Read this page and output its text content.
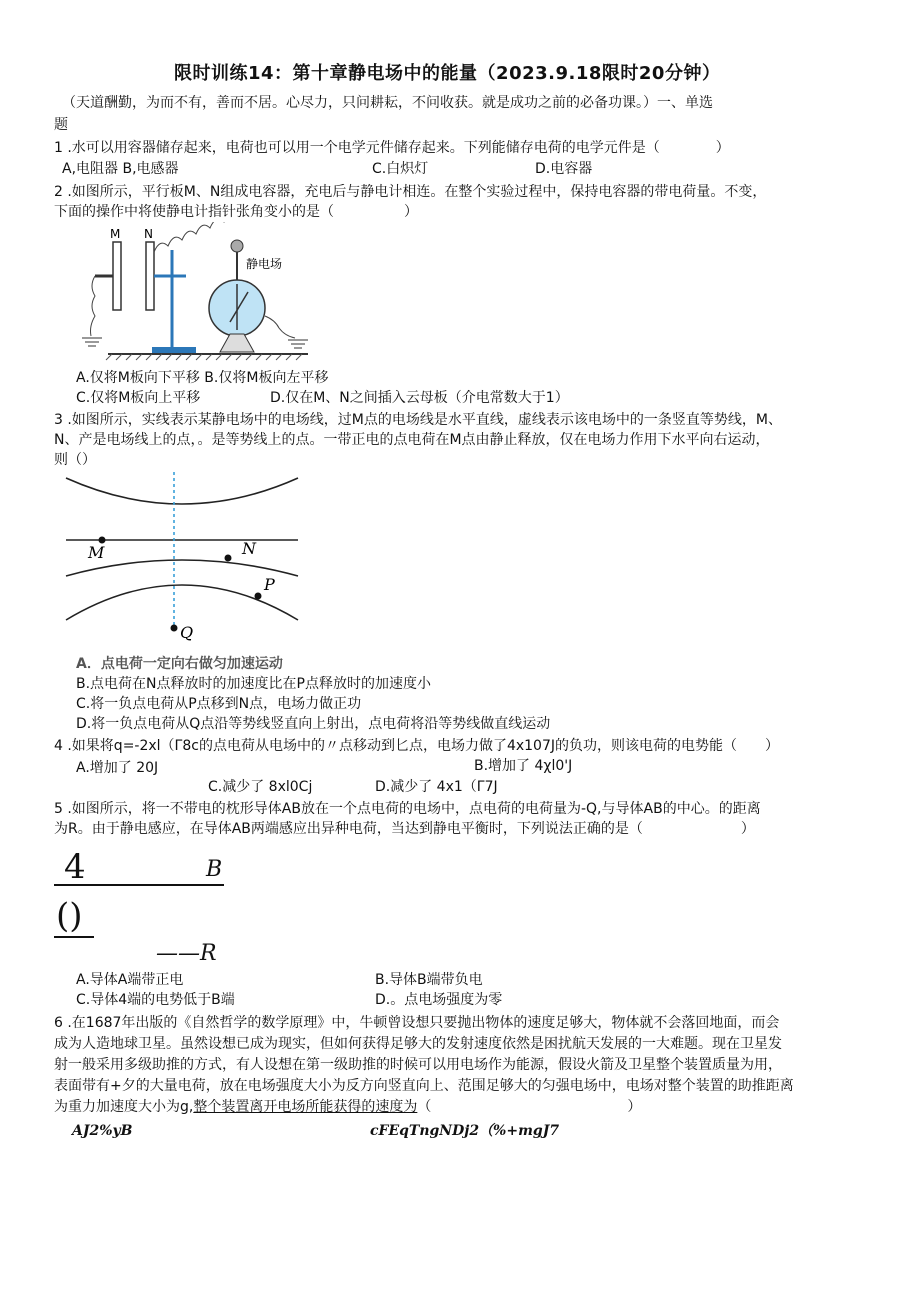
限时训练14：第十章静电场中的能量（2023.9.18限时20分钟）
（天道酬勤，为而不有，善而不居。心尽力，只问耕耘，不问收获。就是成功之前的必备功课。）一、单选
题
1 .水可以用容器储存起来，电荷也可以用一个电学元件储存起来。下列能储存电荷的电学元件是（　　　　）
A,电阻器 B,电感器	C.白炽灯	D.电容器
2 .如图所示，平行板M、N组成电容器，充电后与静电计相连。在整个实验过程中，保持电容器的带电荷量。不变，
下面的操作中将使静电计指针张角变小的是（　　　　　）
M N
静电场
A.仅将M板向下平移 B.仅将M板向左平移
C.仅将M板向上平移	D.仅在M、N之间插入云母板（介电常数大于1）
3 .如图所示，实线表示某静电场中的电场线，过M点的电场线是水平直线，虚线表示该电场中的一条竖直等势线，M、
N、产是电场线上的点，。是等势线上的点。一带正电的点电荷在M点由静止释放，仅在电场力作用下水平向右运动，
则（）
M	N
P
Q
A．点电荷一定向右做匀加速运动
B.点电荷在N点释放时的加速度比在P点释放时的加速度小
C.将一负点电荷从P点移到N点，电场力做正功
D.将一负点电荷从Q点沿等势线竖直向上射出，点电荷将沿等势线做直线运动
4 .如果将q=-2xl（Γ8c的点电荷从电场中的〃点移动到匕点，电场力做了4x107J的负功，则该电荷的电势能（　　）
A.增加了 20J	B.增加了 4χl0'J
C.减少了 8xl0Cj	D.减少了 4x1（Γ7J
5 .如图所示，将一不带电的枕形导体AB放在一个点电荷的电场中，点电荷的电荷量为-Q,与导体AB的中心。的距离
为R。由于静电感应，在导体AB两端感应出异种电荷，当达到静电平衡时，下列说法正确的是（　　　　　　　）
4	B
()
——R
A.导体A端带正电	B.导体B端带负电
C.导体4端的电势低于B端	D.。点电场强度为零
6 .在1687年出版的《自然哲学的数学原理》中，牛顿曾设想只要抛出物体的速度足够大，物体就不会落回地面，而会
成为人造地球卫星。虽然设想已成为现实，但如何获得足够大的发射速度依然是困扰航天发展的一大难题。现在卫星发
射一般采用多级助推的方式，有人设想在第一级助推的时候可以用电场作为能源，假设火箭及卫星整个装置质量为用，
表面带有+夕的大量电荷，放在电场强度大小为反方向竖直向上、范围足够大的匀强电场中，电场对整个装置的助推距离
为重力加速度大小为g,整个装置离开电场所能获得的速度为（　　　　　　　　　　　　　　）
AJ2%yB	cFEqTngNDj2（%+mgJ7
